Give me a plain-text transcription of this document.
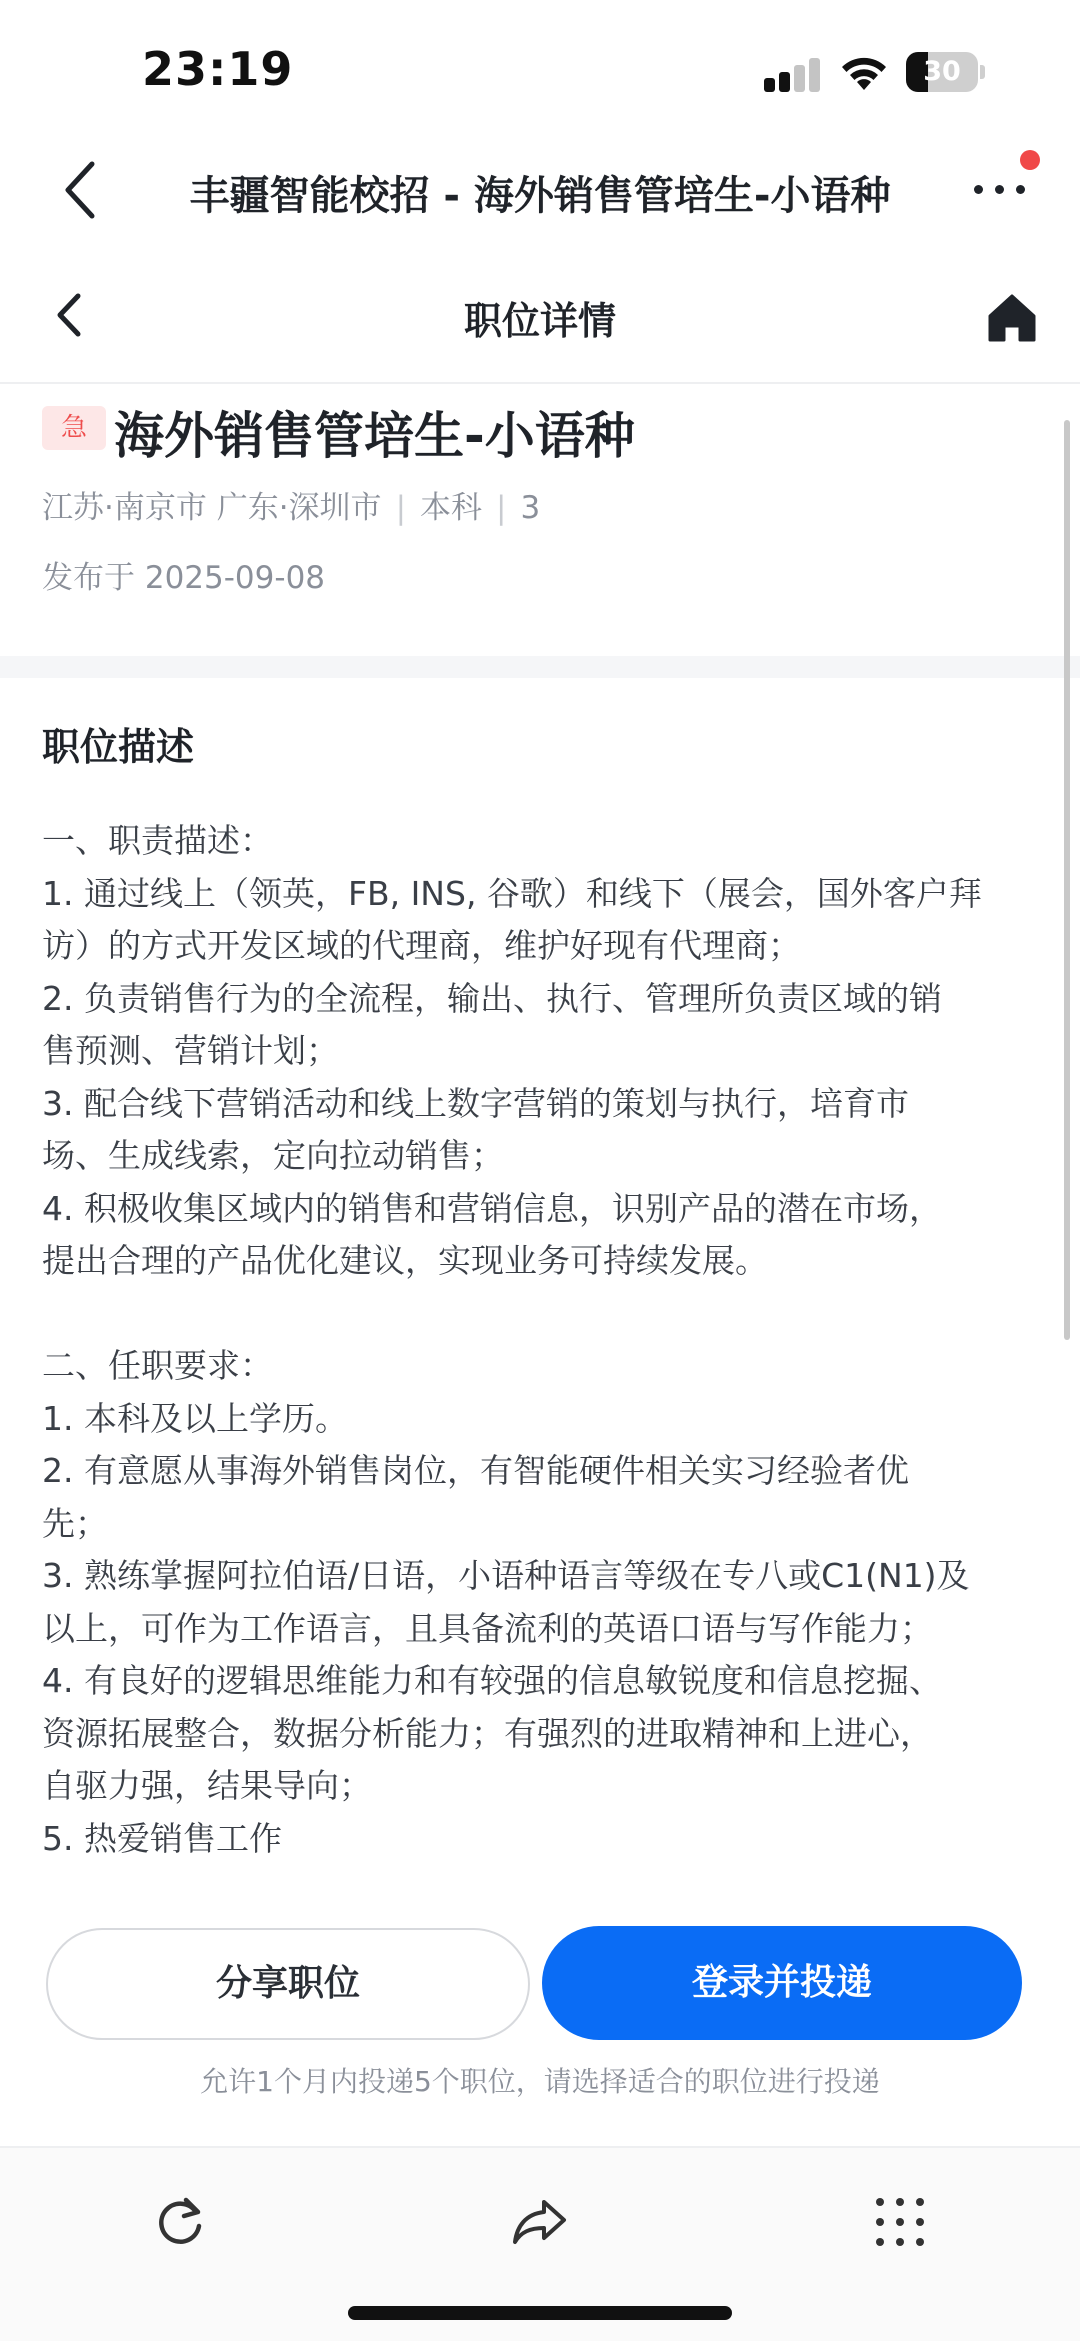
23:19	30
丰疆智能校招 - 海外销售管培生-小语种
职位详情
急 海外销售管培生-小语种
江苏·南京市 广东·深圳市 | 本科 | 3
发布于 2025-09-08
职位描述
一、职责描述：
1. 通过线上（领英，FB, INS, 谷歌）和线下（展会，国外客户拜
访）的方式开发区域的代理商，维护好现有代理商；
2. 负责销售行为的全流程，输出、执行、管理所负责区域的销
售预测、营销计划；
3. 配合线下营销活动和线上数字营销的策划与执行，培育市
场、生成线索，定向拉动销售；
4. 积极收集区域内的销售和营销信息，识别产品的潜在市场，
提出合理的产品优化建议，实现业务可持续发展。
二、任职要求：
1. 本科及以上学历。
2. 有意愿从事海外销售岗位，有智能硬件相关实习经验者优
先；
3. 熟练掌握阿拉伯语/日语，小语种语言等级在专八或C1(N1)及
以上，可作为工作语言，且具备流利的英语口语与写作能力；
4. 有良好的逻辑思维能力和有较强的信息敏锐度和信息挖掘、
资源拓展整合，数据分析能力；有强烈的进取精神和上进心，
自驱力强，结果导向；
5. 热爱销售工作
分享职位	登录并投递
允许1个月内投递5个职位，请选择适合的职位进行投递
